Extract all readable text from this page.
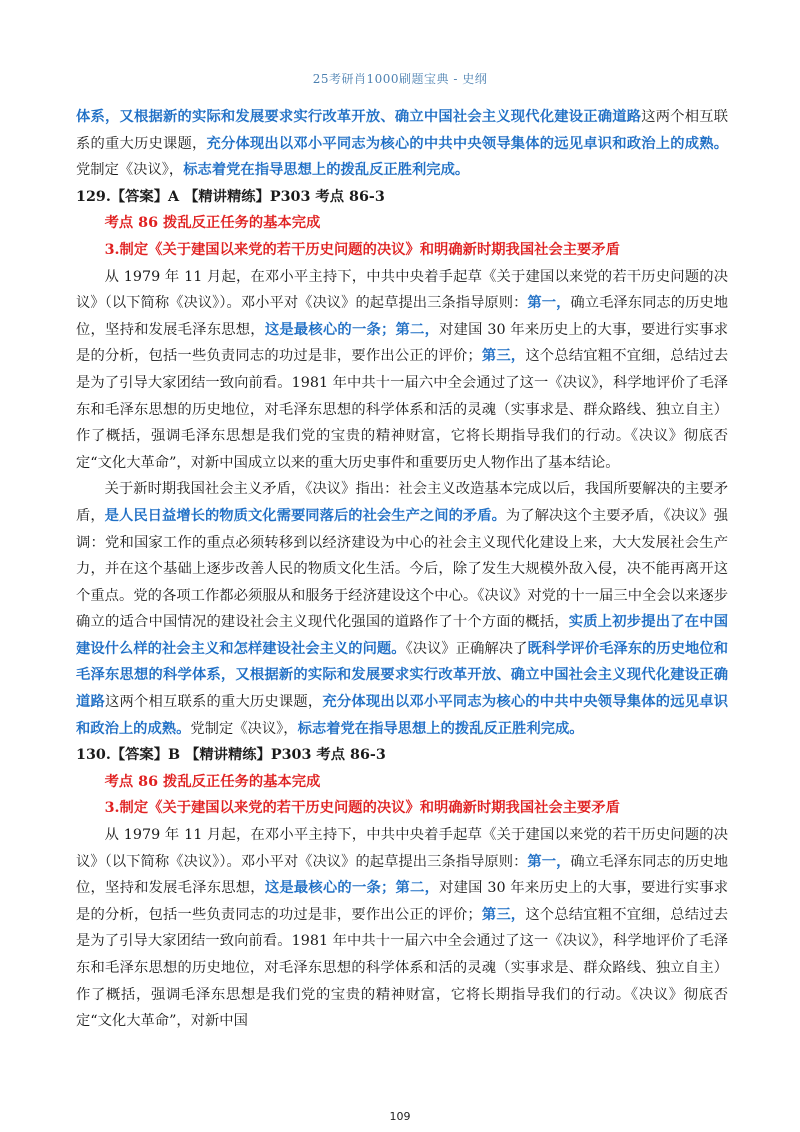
25考研肖1000刷题宝典 - 史纲

体系，又根据新的实际和发展要求实行改革开放、确立中国社会主义现代化建设正确道路这两个相互联系的重大历史课题，充分体现出以邓小平同志为核心的中共中央领导集体的远见卓识和政治上的成熟。党制定《决议》，标志着党在指导思想上的拨乱反正胜利完成。

129.【答案】A 【精讲精练】P303 考点 86-3

考点 86 拨乱反正任务的基本完成

3.制定《关于建国以来党的若干历史问题的决议》和明确新时期我国社会主要矛盾

从 1979 年 11 月起，在邓小平主持下，中共中央着手起草《关于建国以来党的若干历史问题的决议》（以下简称《决议》）。邓小平对《决议》的起草提出三条指导原则：第一，确立毛泽东同志的历史地位，坚持和发展毛泽东思想，这是最核心的一条；第二，对建国 30 年来历史上的大事，要进行实事求是的分析，包括一些负责同志的功过是非，要作出公正的评价；第三，这个总结宜粗不宜细，总结过去是为了引导大家团结一致向前看。1981 年中共十一届六中全会通过了这一《决议》，科学地评价了毛泽东和毛泽东思想的历史地位，对毛泽东思想的科学体系和活的灵魂（实事求是、群众路线、独立自主）作了概括，强调毛泽东思想是我们党的宝贵的精神财富，它将长期指导我们的行动。《决议》彻底否定“文化大革命”，对新中国成立以来的重大历史事件和重要历史人物作出了基本结论。

关于新时期我国社会主义矛盾，《决议》指出：社会主义改造基本完成以后，我国所要解决的主要矛盾，是人民日益增长的物质文化需要同落后的社会生产之间的矛盾。为了解决这个主要矛盾，《决议》强调：党和国家工作的重点必须转移到以经济建设为中心的社会主义现代化建设上来，大大发展社会生产力，并在这个基础上逐步改善人民的物质文化生活。今后，除了发生大规模外敌入侵，决不能再离开这个重点。党的各项工作都必须服从和服务于经济建设这个中心。《决议》对党的十一届三中全会以来逐步确立的适合中国情况的建设社会主义现代化强国的道路作了十个方面的概括，实质上初步提出了在中国建设什么样的社会主义和怎样建设社会主义的问题。《决议》正确解决了既科学评价毛泽东的历史地位和毛泽东思想的科学体系，又根据新的实际和发展要求实行改革开放、确立中国社会主义现代化建设正确道路这两个相互联系的重大历史课题，充分体现出以邓小平同志为核心的中共中央领导集体的远见卓识和政治上的成熟。党制定《决议》，标志着党在指导思想上的拨乱反正胜利完成。

130.【答案】B 【精讲精练】P303 考点 86-3

考点 86 拨乱反正任务的基本完成

3.制定《关于建国以来党的若干历史问题的决议》和明确新时期我国社会主要矛盾

从 1979 年 11 月起，在邓小平主持下，中共中央着手起草《关于建国以来党的若干历史问题的决议》（以下简称《决议》）。邓小平对《决议》的起草提出三条指导原则：第一，确立毛泽东同志的历史地位，坚持和发展毛泽东思想，这是最核心的一条；第二，对建国 30 年来历史上的大事，要进行实事求是的分析，包括一些负责同志的功过是非，要作出公正的评价；第三，这个总结宜粗不宜细，总结过去是为了引导大家团结一致向前看。1981 年中共十一届六中全会通过了这一《决议》，科学地评价了毛泽东和毛泽东思想的历史地位，对毛泽东思想的科学体系和活的灵魂（实事求是、群众路线、独立自主）作了概括，强调毛泽东思想是我们党的宝贵的精神财富，它将长期指导我们的行动。《决议》彻底否定“文化大革命”，对新中国

109
